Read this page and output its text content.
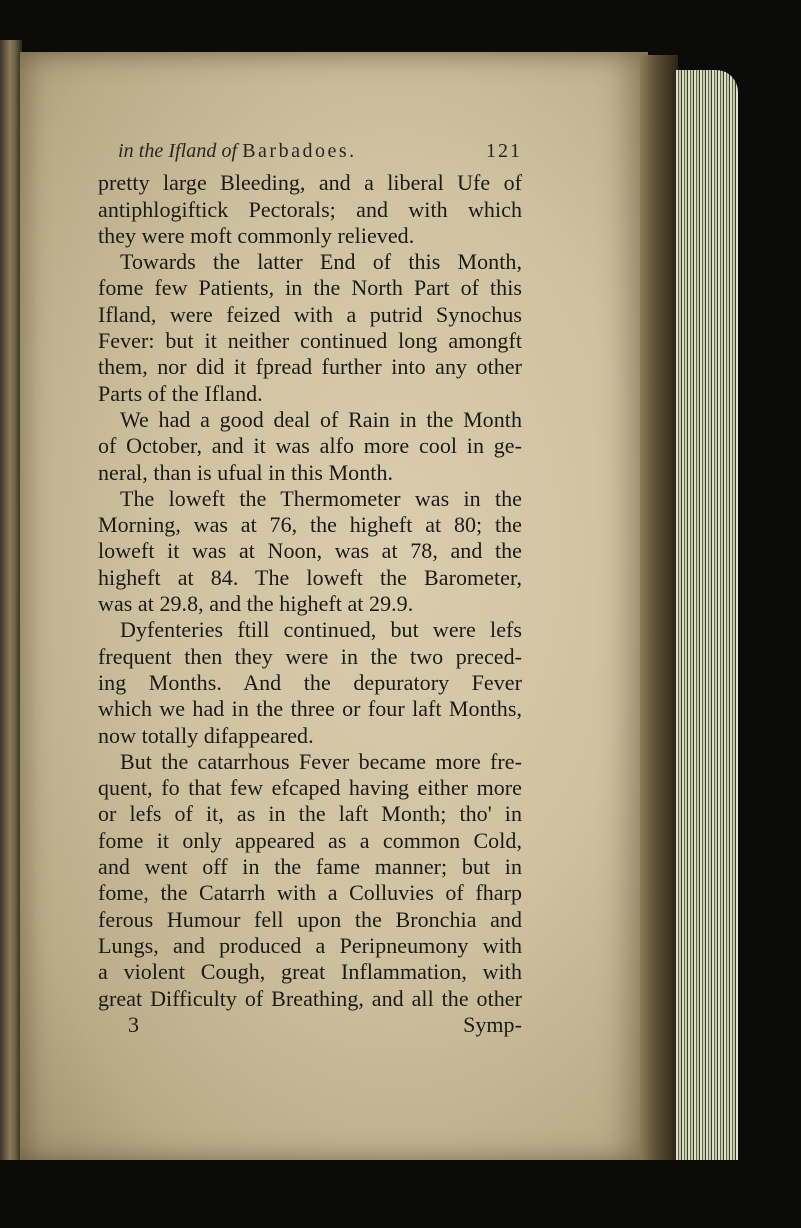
in the Ifland of Barbadoes.	121
pretty large Bleeding, and a liberal Ufe of
antiphlogiftick Pectorals; and with which
they were moft commonly relieved.
Towards the latter End of this Month,
fome few Patients, in the North Part of this
Ifland, were feized with a putrid Synochus
Fever: but it neither continued long amongft
them, nor did it fpread further into any other
Parts of the Ifland.
We had a good deal of Rain in the Month
of October, and it was alfo more cool in ge-
neral, than is ufual in this Month.
The loweft the Thermometer was in the
Morning, was at 76, the higheft at 80; the
loweft it was at Noon, was at 78, and the
higheft at 84. The loweft the Barometer,
was at 29.8, and the higheft at 29.9.
Dyfenteries ftill continued, but were lefs
frequent then they were in the two preced-
ing Months. And the depuratory Fever
which we had in the three or four laft Months,
now totally difappeared.
But the catarrhous Fever became more fre-
quent, fo that few efcaped having either more
or lefs of it, as in the laft Month; tho' in
fome it only appeared as a common Cold,
and went off in the fame manner; but in
fome, the Catarrh with a Colluvies of fharp
ferous Humour fell upon the Bronchia and
Lungs, and produced a Peripneumony with
a violent Cough, great Inflammation, with
great Difficulty of Breathing, and all the other
3	Symp-
